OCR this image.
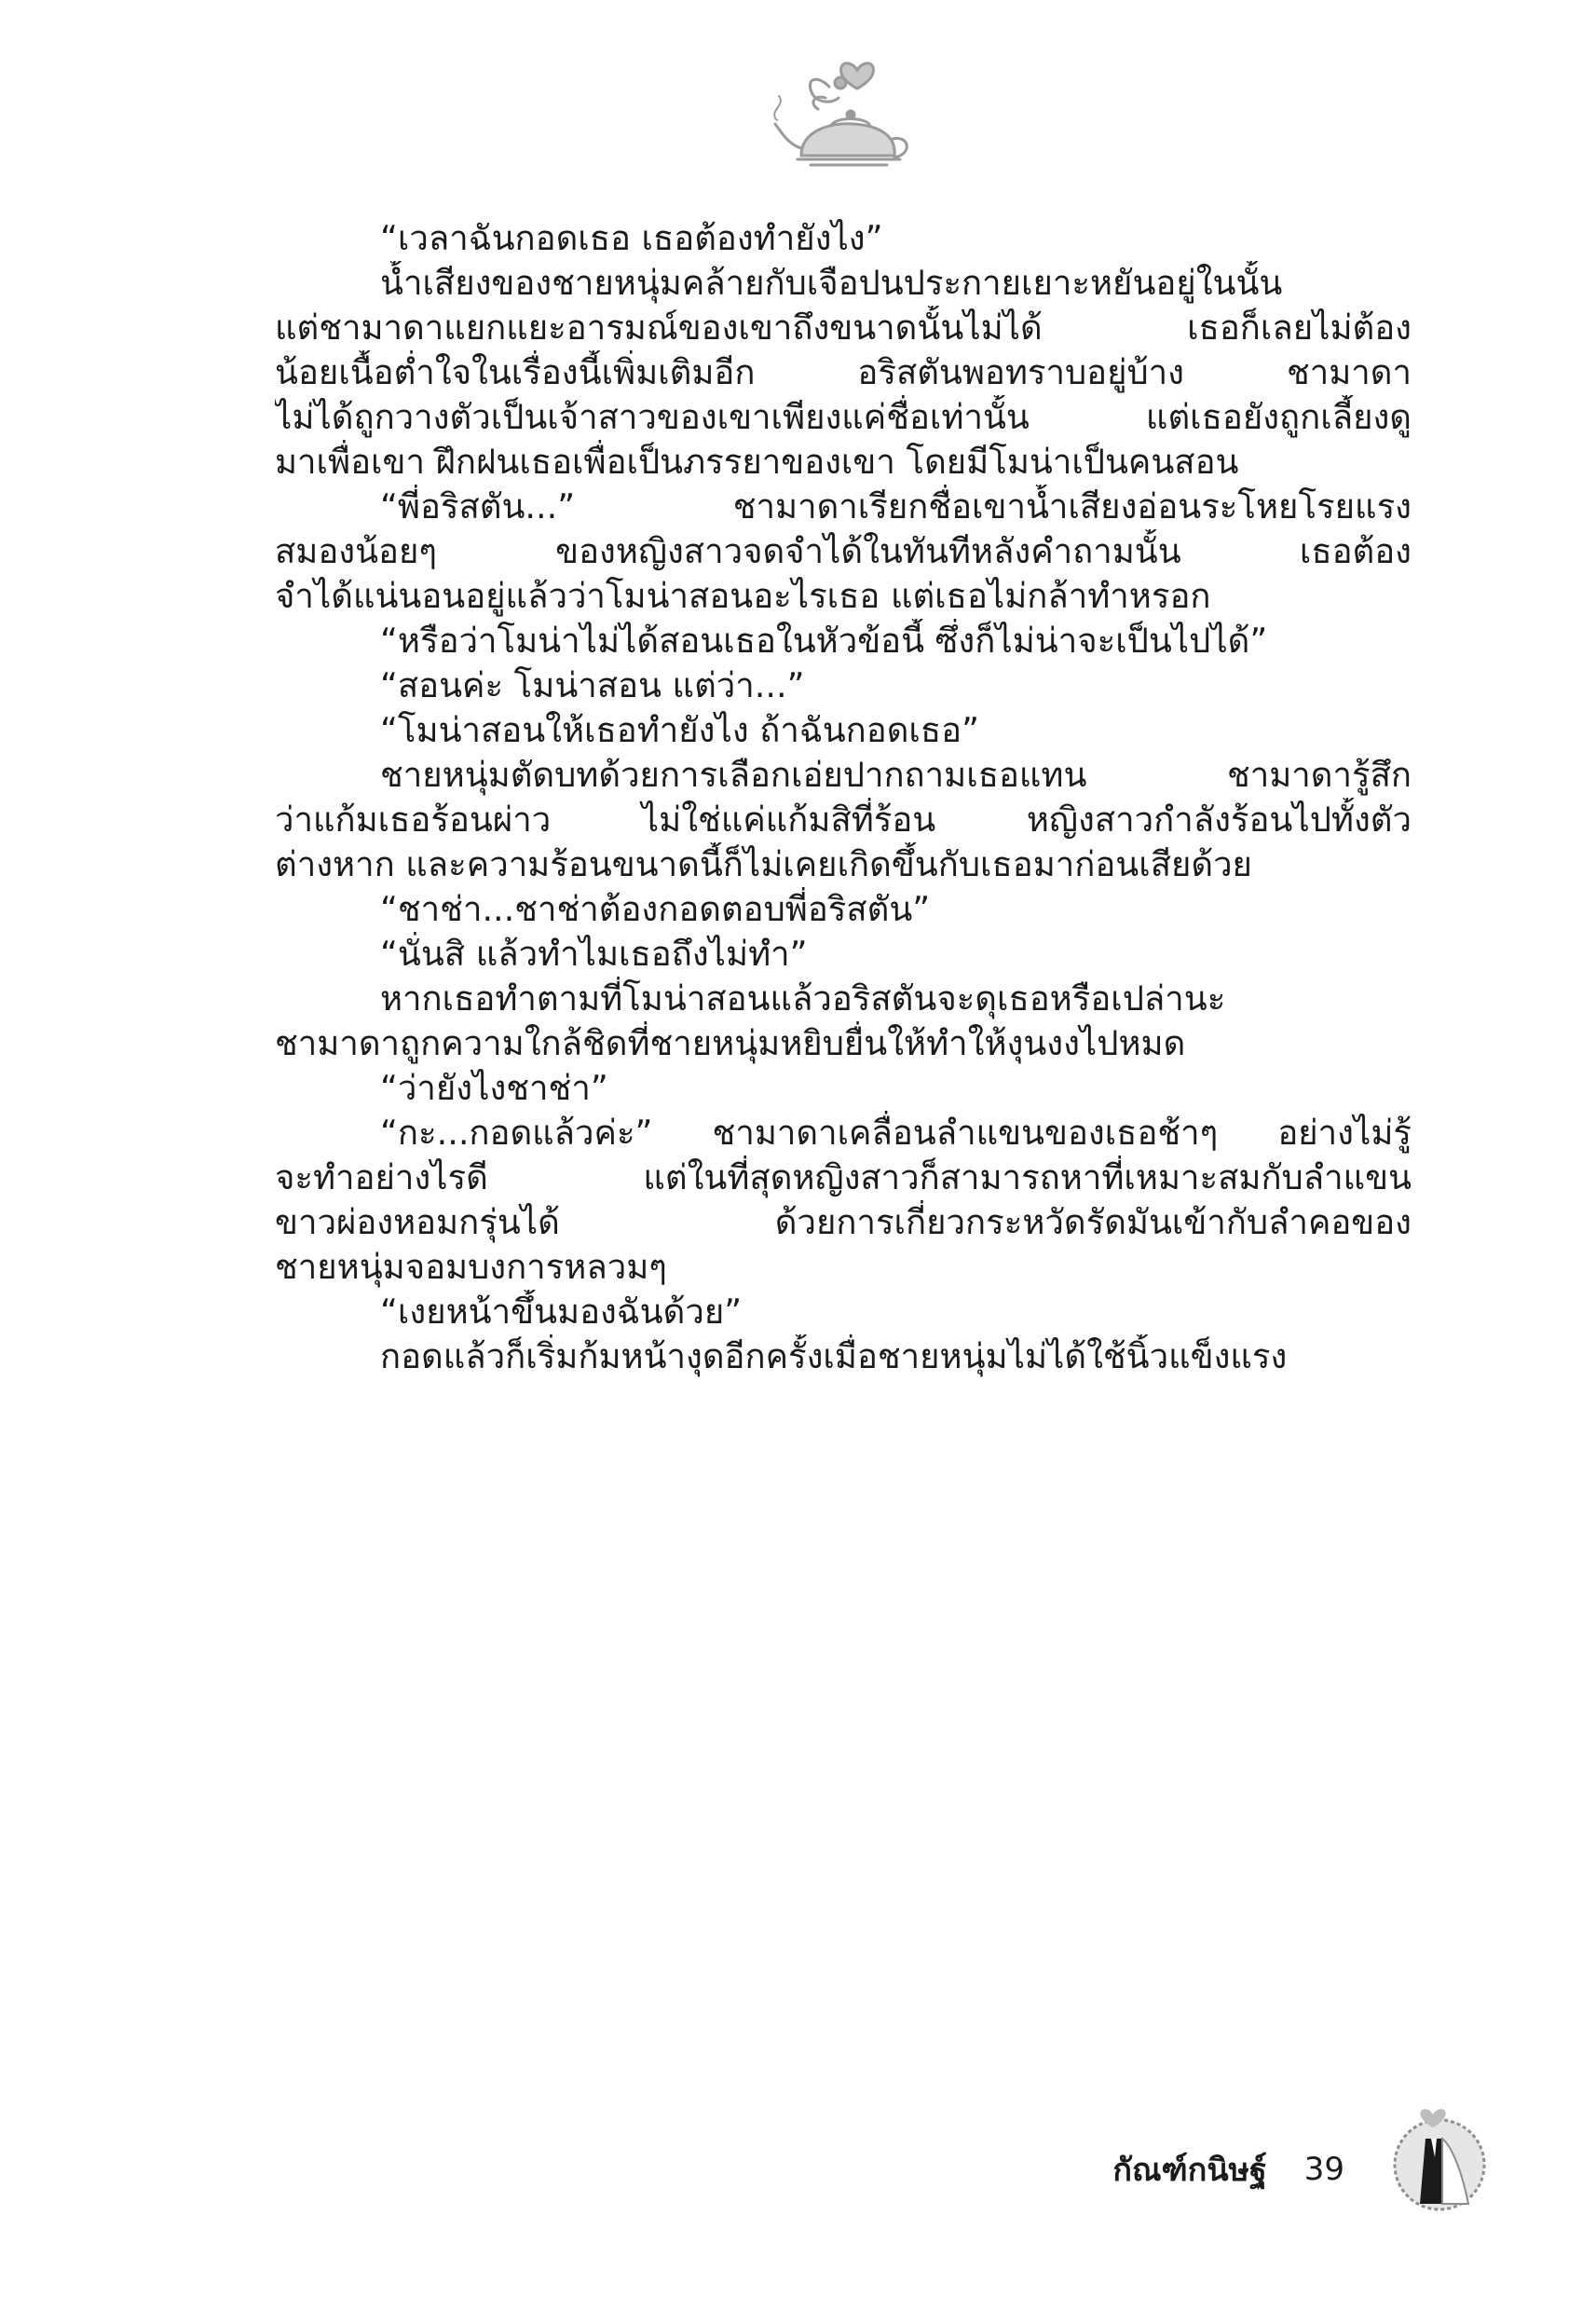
“เวลาฉันกอดเธอ เธอต้องทำยังไง”
น้ำเสียงของชายหนุ่มคล้ายกับเจือปนประกายเยาะหยันอยู่ในนั้น
แต่ชามาดาแยกแยะอารมณ์ของเขาถึงขนาดนั้นไม่ได้ เธอก็เลยไม่ต้อง
น้อยเนื้อต่ำใจในเรื่องนี้เพิ่มเติมอีก อริสตันพอทราบอยู่บ้าง ชามาดา
ไม่ได้ถูกวางตัวเป็นเจ้าสาวของเขาเพียงแค่ชื่อเท่านั้น แต่เธอยังถูกเลี้ยงดู
มาเพื่อเขา ฝึกฝนเธอเพื่อเป็นภรรยาของเขา โดยมีโมน่าเป็นคนสอน
“พี่อริสตัน...” ชามาดาเรียกชื่อเขาน้ำเสียงอ่อนระโหยโรยแรง
สมองน้อยๆ ของหญิงสาวจดจำได้ในทันทีหลังคำถามนั้น เธอต้อง
จำได้แน่นอนอยู่แล้วว่าโมน่าสอนอะไรเธอ แต่เธอไม่กล้าทำหรอก
“หรือว่าโมน่าไม่ได้สอนเธอในหัวข้อนี้ ซึ่งก็ไม่น่าจะเป็นไปได้”
“สอนค่ะ โมน่าสอน แต่ว่า...”
“โมน่าสอนให้เธอทำยังไง ถ้าฉันกอดเธอ”
ชายหนุ่มตัดบทด้วยการเลือกเอ่ยปากถามเธอแทน ชามาดารู้สึก
ว่าแก้มเธอร้อนผ่าว ไม่ใช่แค่แก้มสิที่ร้อน หญิงสาวกำลังร้อนไปทั้งตัว
ต่างหาก และความร้อนขนาดนี้ก็ไม่เคยเกิดขึ้นกับเธอมาก่อนเสียด้วย
“ชาช่า...ชาช่าต้องกอดตอบพี่อริสตัน”
“นั่นสิ แล้วทำไมเธอถึงไม่ทำ”
หากเธอทำตามที่โมน่าสอนแล้วอริสตันจะดุเธอหรือเปล่านะ
ชามาดาถูกความใกล้ชิดที่ชายหนุ่มหยิบยื่นให้ทำให้งุนงงไปหมด
“ว่ายังไงชาช่า”
“กะ...กอดแล้วค่ะ” ชามาดาเคลื่อนลำแขนของเธอช้าๆ อย่างไม่รู้
จะทำอย่างไรดี แต่ในที่สุดหญิงสาวก็สามารถหาที่เหมาะสมกับลำแขน
ขาวผ่องหอมกรุ่นได้ ด้วยการเกี่ยวกระหวัดรัดมันเข้ากับลำคอของ
ชายหนุ่มจอมบงการหลวมๆ
“เงยหน้าขึ้นมองฉันด้วย”
กอดแล้วก็เริ่มก้มหน้างุดอีกครั้งเมื่อชายหนุ่มไม่ได้ใช้นิ้วแข็งแรง
กัณฑ์กนิษฐ์ 39
